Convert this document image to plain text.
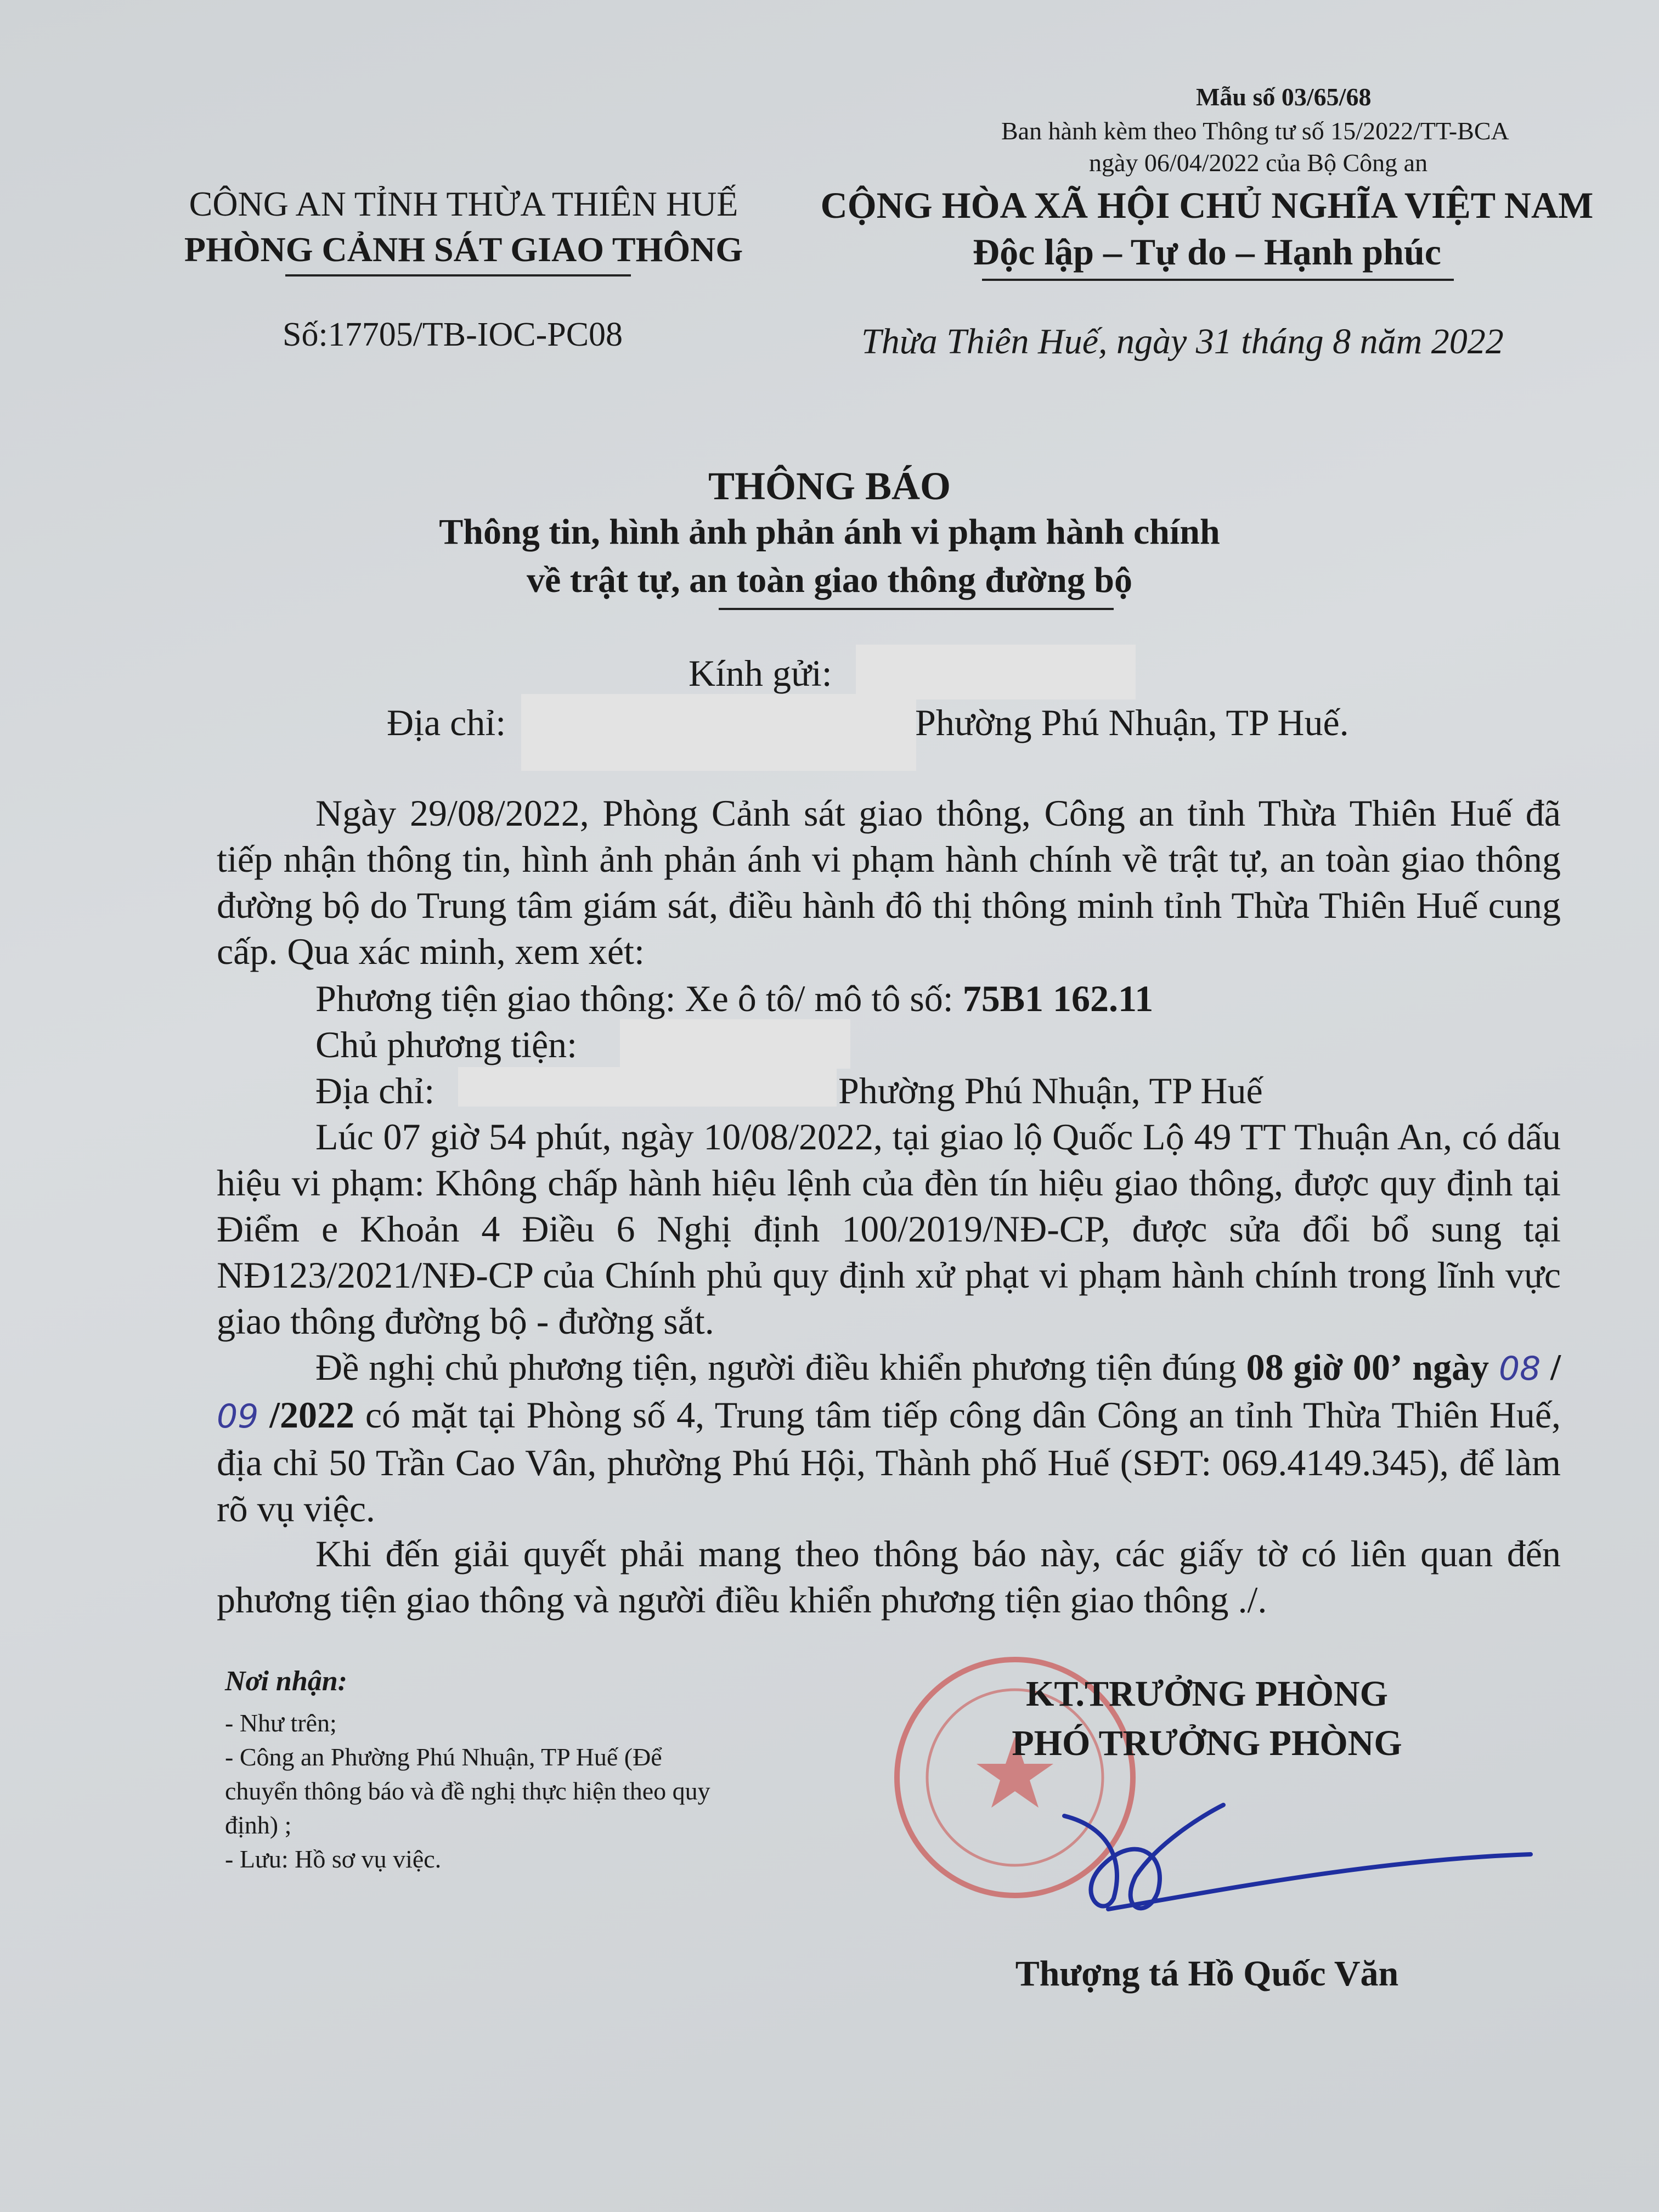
Mẫu số 03/65/68
Ban hành kèm theo Thông tư số 15/2022/TT-BCA
ngày 06/04/2022 của Bộ Công an
CÔNG AN TỈNH THỪA THIÊN HUẾ
PHÒNG CẢNH SÁT GIAO THÔNG
Số:17705/TB-IOC-PC08
CỘNG HÒA XÃ HỘI CHỦ NGHĨA VIỆT NAM
Độc lập – Tự do – Hạnh phúc
Thừa Thiên Huế, ngày 31 tháng 8 năm 2022
THÔNG BÁO
Thông tin, hình ảnh phản ánh vi phạm hành chính
về trật tự, an toàn giao thông đường bộ
Kính gửi:
Địa chỉ:	Phường Phú Nhuận, TP Huế.
Ngày 29/08/2022, Phòng Cảnh sát giao thông, Công an tỉnh Thừa Thiên Huế đã tiếp nhận thông tin, hình ảnh phản ánh vi phạm hành chính về trật tự, an toàn giao thông đường bộ do Trung tâm giám sát, điều hành đô thị thông minh tỉnh Thừa Thiên Huế cung cấp. Qua xác minh, xem xét:
Phương tiện giao thông: Xe ô tô/ mô tô số: 75B1 162.11
Chủ phương tiện:
Địa chỉ:	Phường Phú Nhuận, TP Huế
Lúc 07 giờ 54 phút, ngày 10/08/2022, tại giao lộ Quốc Lộ 49 TT Thuận An, có dấu hiệu vi phạm: Không chấp hành hiệu lệnh của đèn tín hiệu giao thông, được quy định tại Điểm e Khoản 4 Điều 6 Nghị định 100/2019/NĐ-CP, được sửa đổi bổ sung tại NĐ123/2021/NĐ-CP của Chính phủ quy định xử phạt vi phạm hành chính trong lĩnh vực giao thông đường bộ - đường sắt.
Đề nghị chủ phương tiện, người điều khiển phương tiện đúng 08 giờ 00’ ngày 08 / 09 /2022 có mặt tại Phòng số 4, Trung tâm tiếp công dân Công an tỉnh Thừa Thiên Huế, địa chỉ 50 Trần Cao Vân, phường Phú Hội, Thành phố Huế (SĐT: 069.4149.345), để làm rõ vụ việc.
Khi đến giải quyết phải mang theo thông báo này, các giấy tờ có liên quan đến phương tiện giao thông và người điều khiển phương tiện giao thông ./.
Nơi nhận:
- Như trên;
- Công an Phường Phú Nhuận, TP Huế (Để
chuyển thông báo và đề nghị thực hiện theo quy
định) ;
- Lưu: Hồ sơ vụ việc.
KT.TRƯỞNG PHÒNG
PHÓ TRƯỞNG PHÒNG
Thượng tá Hồ Quốc Văn
